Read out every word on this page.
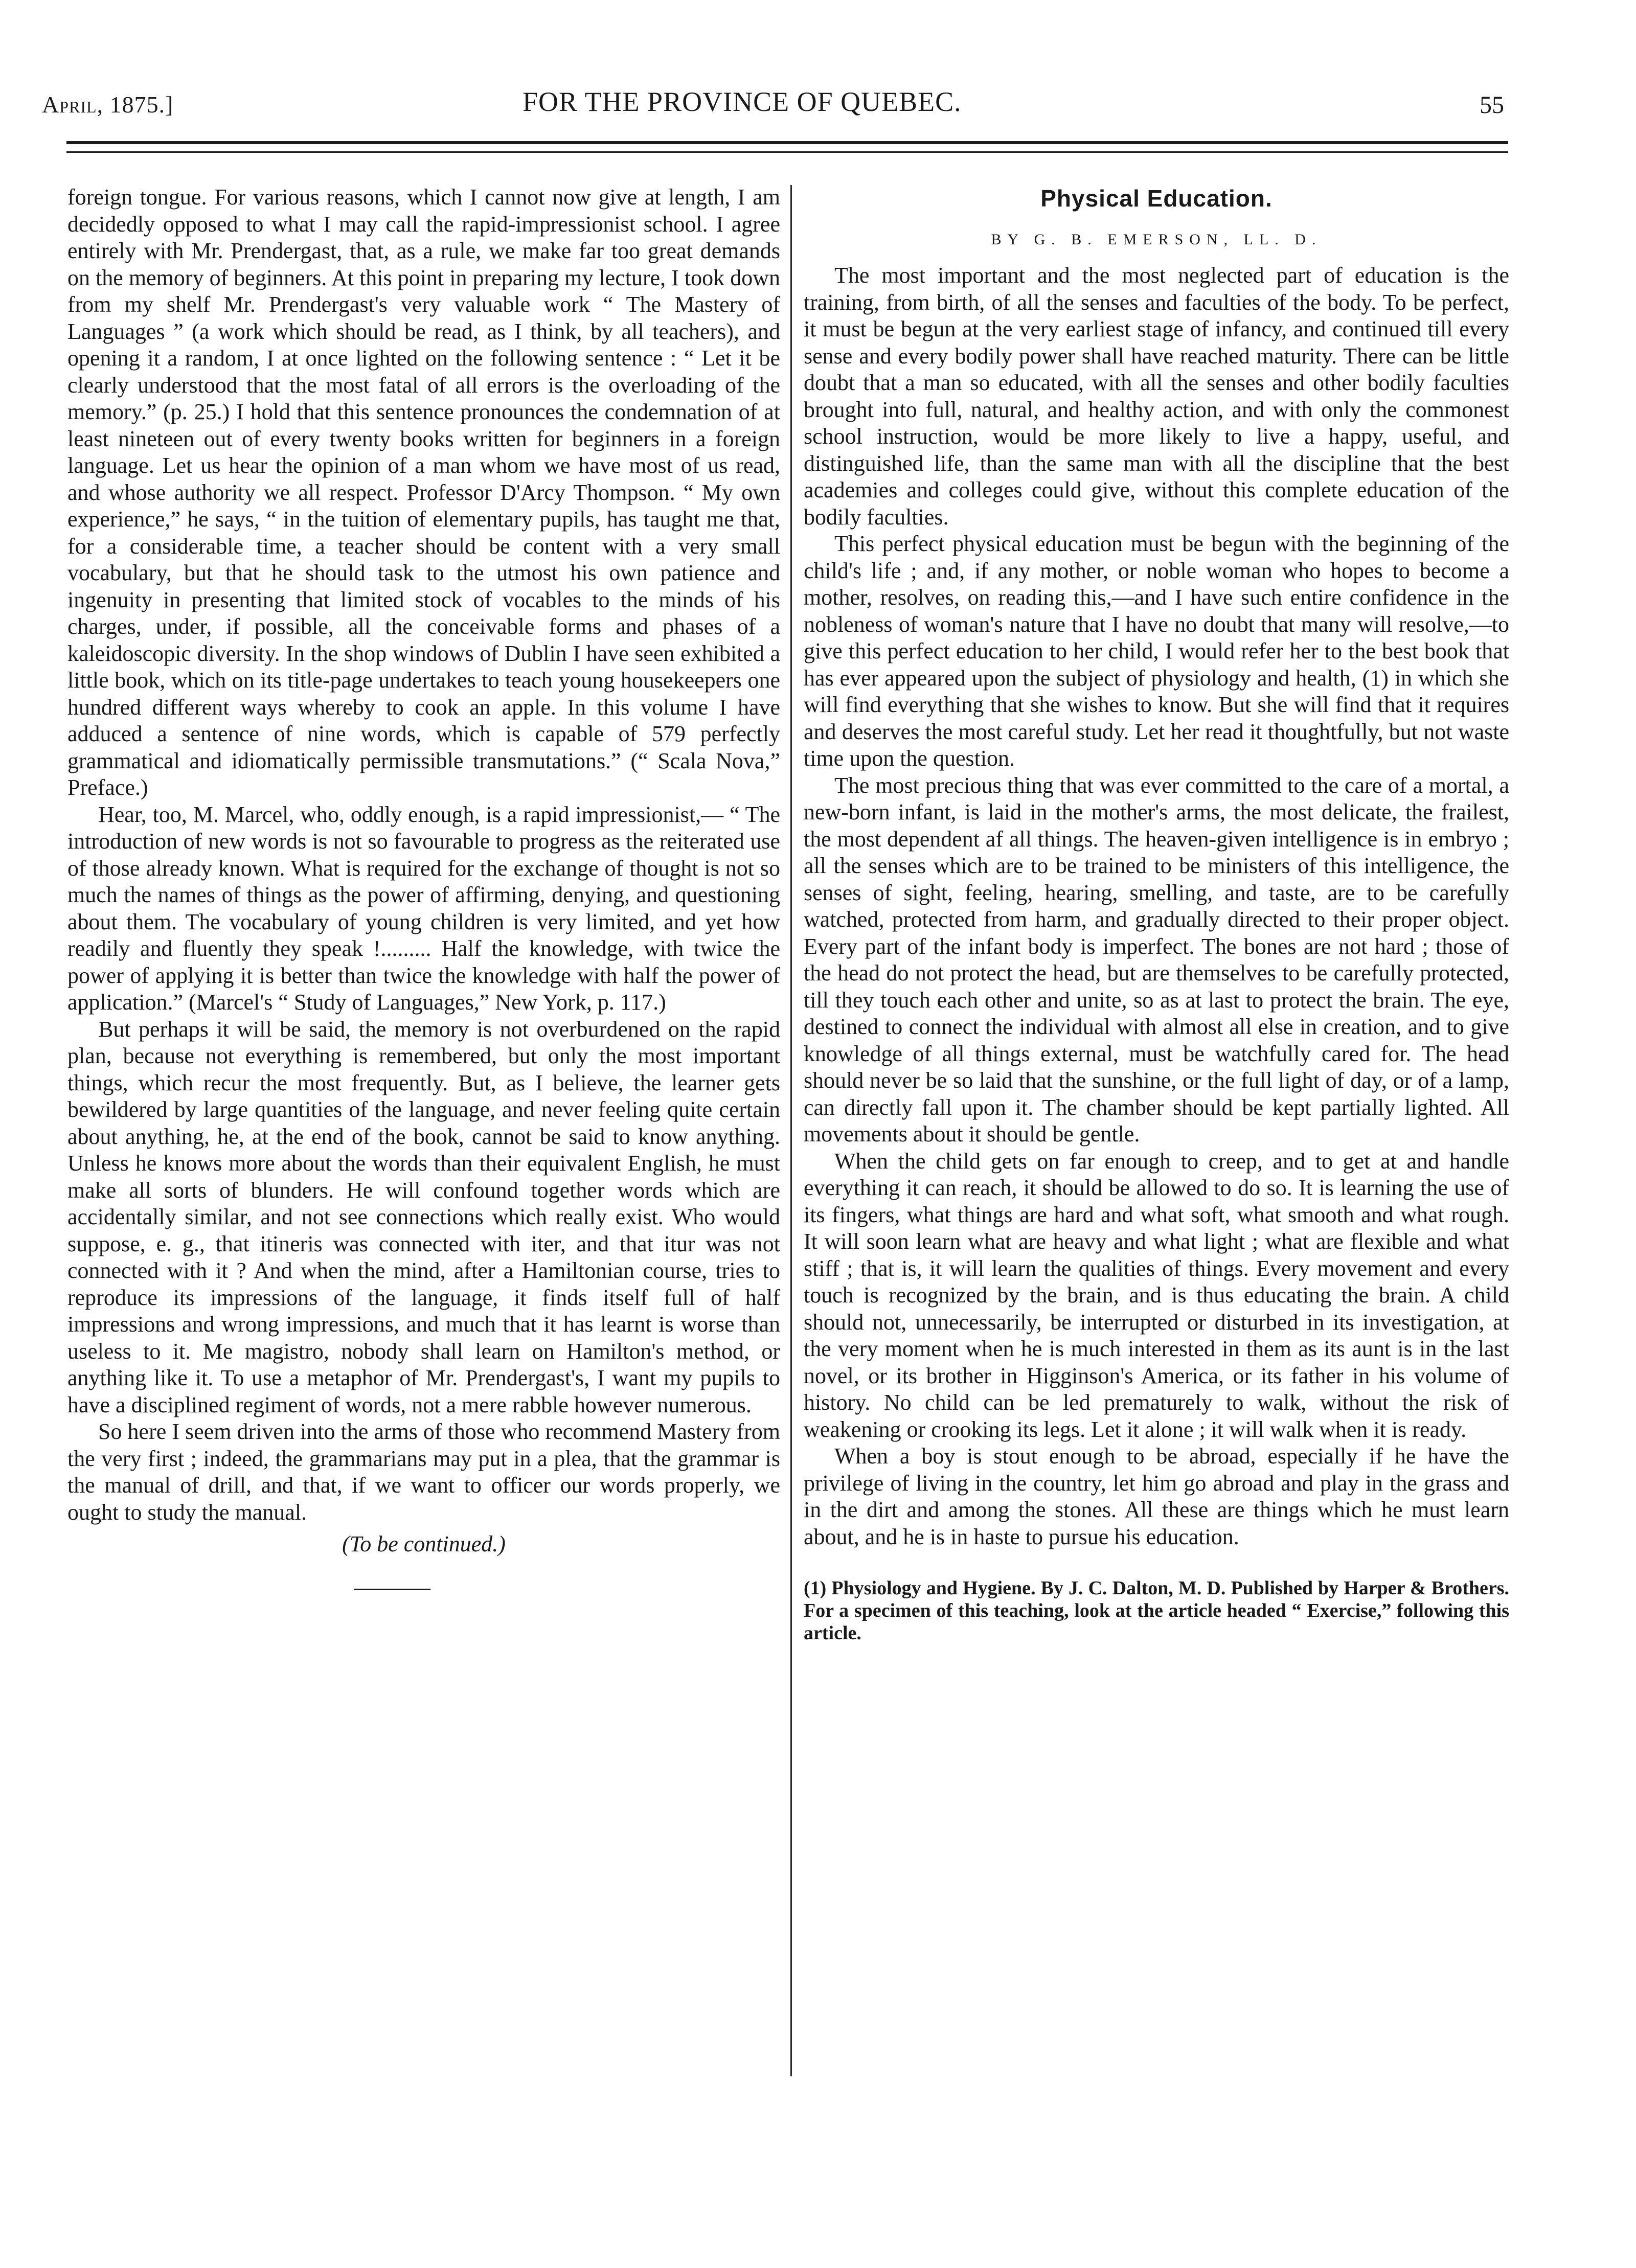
April, 1875.]	FOR THE PROVINCE OF QUEBEC.	55

foreign tongue. For various reasons, which I cannot now give at length, I am decidedly opposed to what I may call the rapid-impressionist school. I agree entirely with Mr. Prendergast, that, as a rule, we make far too great demands on the memory of beginners. At this point in preparing my lecture, I took down from my shelf Mr. Prendergast's very valuable work “ The Mastery of Languages ” (a work which should be read, as I think, by all teachers), and opening it a random, I at once lighted on the following sentence : “ Let it be clearly understood that the most fatal of all errors is the overloading of the memory.” (p. 25.) I hold that this sentence pronounces the condemnation of at least nineteen out of every twenty books written for beginners in a foreign language. Let us hear the opinion of a man whom we have most of us read, and whose authority we all respect. Professor D'Arcy Thompson. “ My own experience,” he says, “ in the tuition of elementary pupils, has taught me that, for a considerable time, a teacher should be content with a very small vocabulary, but that he should task to the utmost his own patience and ingenuity in presenting that limited stock of vocables to the minds of his charges, under, if possible, all the conceivable forms and phases of a kaleidoscopic diversity. In the shop windows of Dublin I have seen exhibited a little book, which on its title-page undertakes to teach young housekeepers one hundred different ways whereby to cook an apple. In this volume I have adduced a sentence of nine words, which is capable of 579 perfectly grammatical and idiomatically permissible transmutations.” (“ Scala Nova,” Preface.)

Hear, too, M. Marcel, who, oddly enough, is a rapid impressionist,— “ The introduction of new words is not so favourable to progress as the reiterated use of those already known. What is required for the exchange of thought is not so much the names of things as the power of affirming, denying, and questioning about them. The vocabulary of young children is very limited, and yet how readily and fluently they speak !......... Half the knowledge, with twice the power of applying it is better than twice the knowledge with half the power of application.” (Marcel's “ Study of Languages,” New York, p. 117.)

But perhaps it will be said, the memory is not overburdened on the rapid plan, because not everything is remembered, but only the most important things, which recur the most frequently. But, as I believe, the learner gets bewildered by large quantities of the language, and never feeling quite certain about anything, he, at the end of the book, cannot be said to know anything. Unless he knows more about the words than their equivalent English, he must make all sorts of blunders. He will confound together words which are accidentally similar, and not see connections which really exist. Who would suppose, e. g., that itineris was connected with iter, and that itur was not connected with it ? And when the mind, after a Hamiltonian course, tries to reproduce its impressions of the language, it finds itself full of half impressions and wrong impressions, and much that it has learnt is worse than useless to it. Me magistro, nobody shall learn on Hamilton's method, or anything like it. To use a metaphor of Mr. Prendergast's, I want my pupils to have a disciplined regiment of words, not a mere rabble however numerous.

So here I seem driven into the arms of those who recommend Mastery from the very first ; indeed, the grammarians may put in a plea, that the grammar is the manual of drill, and that, if we want to officer our words properly, we ought to study the manual.

(To be continued.)
Physical Education.
BY G. B. EMERSON, LL. D.

The most important and the most neglected part of education is the training, from birth, of all the senses and faculties of the body. To be perfect, it must be begun at the very earliest stage of infancy, and continued till every sense and every bodily power shall have reached maturity. There can be little doubt that a man so educated, with all the senses and other bodily faculties brought into full, natural, and healthy action, and with only the commonest school instruction, would be more likely to live a happy, useful, and distinguished life, than the same man with all the discipline that the best academies and colleges could give, without this complete education of the bodily faculties.

This perfect physical education must be begun with the beginning of the child's life ; and, if any mother, or noble woman who hopes to become a mother, resolves, on reading this,—and I have such entire confidence in the nobleness of woman's nature that I have no doubt that many will resolve,—to give this perfect education to her child, I would refer her to the best book that has ever appeared upon the subject of physiology and health, (1) in which she will find everything that she wishes to know. But she will find that it requires and deserves the most careful study. Let her read it thoughtfully, but not waste time upon the question.

The most precious thing that was ever committed to the care of a mortal, a new-born infant, is laid in the mother's arms, the most delicate, the frailest, the most dependent af all things. The heaven-given intelligence is in embryo ; all the senses which are to be trained to be ministers of this intelligence, the senses of sight, feeling, hearing, smelling, and taste, are to be carefully watched, protected from harm, and gradually directed to their proper object. Every part of the infant body is imperfect. The bones are not hard ; those of the head do not protect the head, but are themselves to be carefully protected, till they touch each other and unite, so as at last to protect the brain. The eye, destined to connect the individual with almost all else in creation, and to give knowledge of all things external, must be watchfully cared for. The head should never be so laid that the sunshine, or the full light of day, or of a lamp, can directly fall upon it. The chamber should be kept partially lighted. All movements about it should be gentle.

When the child gets on far enough to creep, and to get at and handle everything it can reach, it should be allowed to do so. It is learning the use of its fingers, what things are hard and what soft, what smooth and what rough. It will soon learn what are heavy and what light ; what are flexible and what stiff ; that is, it will learn the qualities of things. Every movement and every touch is recognized by the brain, and is thus educating the brain. A child should not, unnecessarily, be interrupted or disturbed in its investigation, at the very moment when he is much interested in them as its aunt is in the last novel, or its brother in Higginson's America, or its father in his volume of history. No child can be led prematurely to walk, without the risk of weakening or crooking its legs. Let it alone ; it will walk when it is ready.

When a boy is stout enough to be abroad, especially if he have the privilege of living in the country, let him go abroad and play in the grass and in the dirt and among the stones. All these are things which he must learn about, and he is in haste to pursue his education.

(1) Physiology and Hygiene. By J. C. Dalton, M. D. Published by Harper & Brothers. For a specimen of this teaching, look at the article headed “ Exercise,” following this article.
